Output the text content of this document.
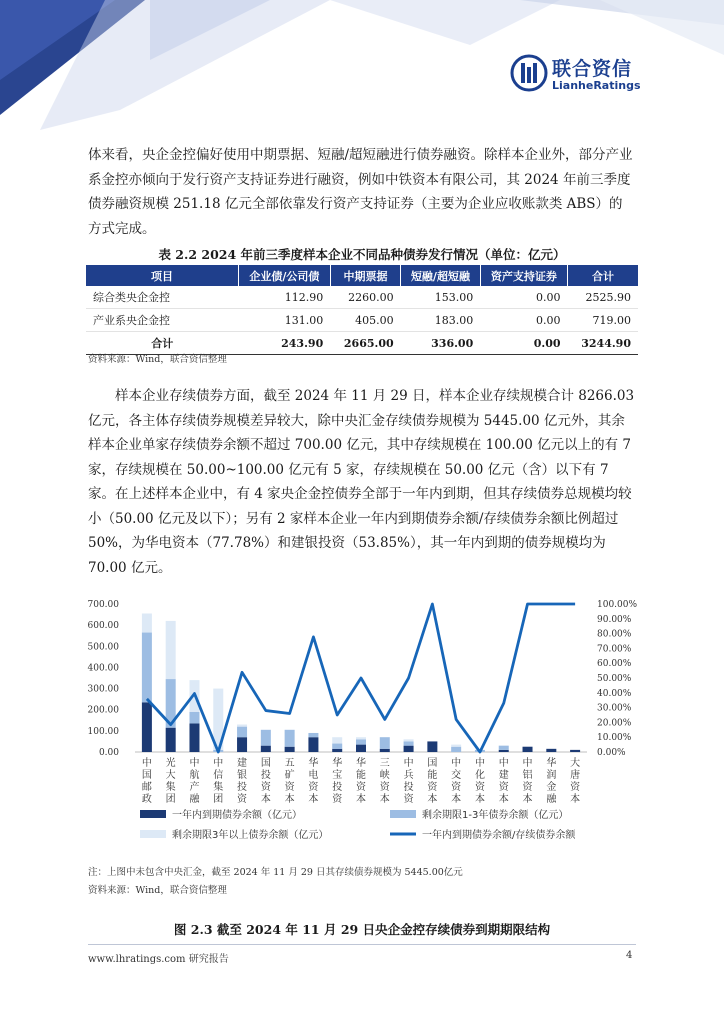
联合资信
LianheRatings

体来看，央企金控偏好使用中期票据、短融/超短融进行债券融资。除样本企业外，部分产业系金控亦倾向于发行资产支持证券进行融资，例如中铁资本有限公司，其 2024 年前三季度债券融资规模 251.18 亿元全部依靠发行资产支持证券（主要为企业应收账款类 ABS）的方式完成。

表 2.2 2024 年前三季度样本企业不同品种债券发行情况（单位：亿元）
项目	企业债/公司债	中期票据	短融/超短融	资产支持证券	合计
综合类央企金控	112.90	2260.00	153.00	0.00	2525.90
产业系央企金控	131.00	405.00	183.00	0.00	719.00
合计	243.90	2665.00	336.00	0.00	3244.90
资料来源：Wind，联合资信整理

样本企业存续债券方面，截至 2024 年 11 月 29 日，样本企业存续规模合计 8266.03 亿元，各主体存续债券规模差异较大，除中央汇金存续债券规模为 5445.00 亿元外，其余样本企业单家存续债券余额不超过 700.00 亿元，其中存续规模在 100.00 亿元以上的有 7 家，存续规模在 50.00~100.00 亿元有 5 家，存续规模在 50.00 亿元（含）以下有 7 家。在上述样本企业中，有 4 家央企金控债券全部于一年内到期，但其存续债券总规模均较小（50.00 亿元及以下）；另有 2 家样本企业一年内到期债券余额/存续债券余额比例超过 50%，为华电资本（77.78%）和建银投资（53.85%），其一年内到期的债券规模均为 70.00 亿元。

0.00
100.00
200.00
300.00
400.00
500.00
600.00
700.00
0.00%
10.00%
20.00%
30.00%
40.00%
50.00%
60.00%
70.00%
80.00%
90.00%
100.00%
中
国
邮
政
光
大
集
团
中
航
产
融
中
信
集
团
建
银
投
资
国
投
资
本
五
矿
资
本
华
电
资
本
华
宝
投
资
华
能
资
本
三
峡
资
本
中
兵
投
资
国
能
资
本
中
交
资
本
中
化
资
本
中
建
资
本
中
铝
资
本
华
润
金
融
大
唐
资
本
一年内到期债券余额（亿元）	剩余期限1-3年债券余额（亿元）
剩余期限3年以上债券余额（亿元）	一年内到期债券余额/存续债券余额
注：上图中未包含中央汇金，截至 2024 年 11 月 29 日其存续债券规模为 5445.00亿元
资料来源：Wind，联合资信整理
图 2.3 截至 2024 年 11 月 29 日央企金控存续债券到期期限结构
www.lhratings.com 研究报告	4
